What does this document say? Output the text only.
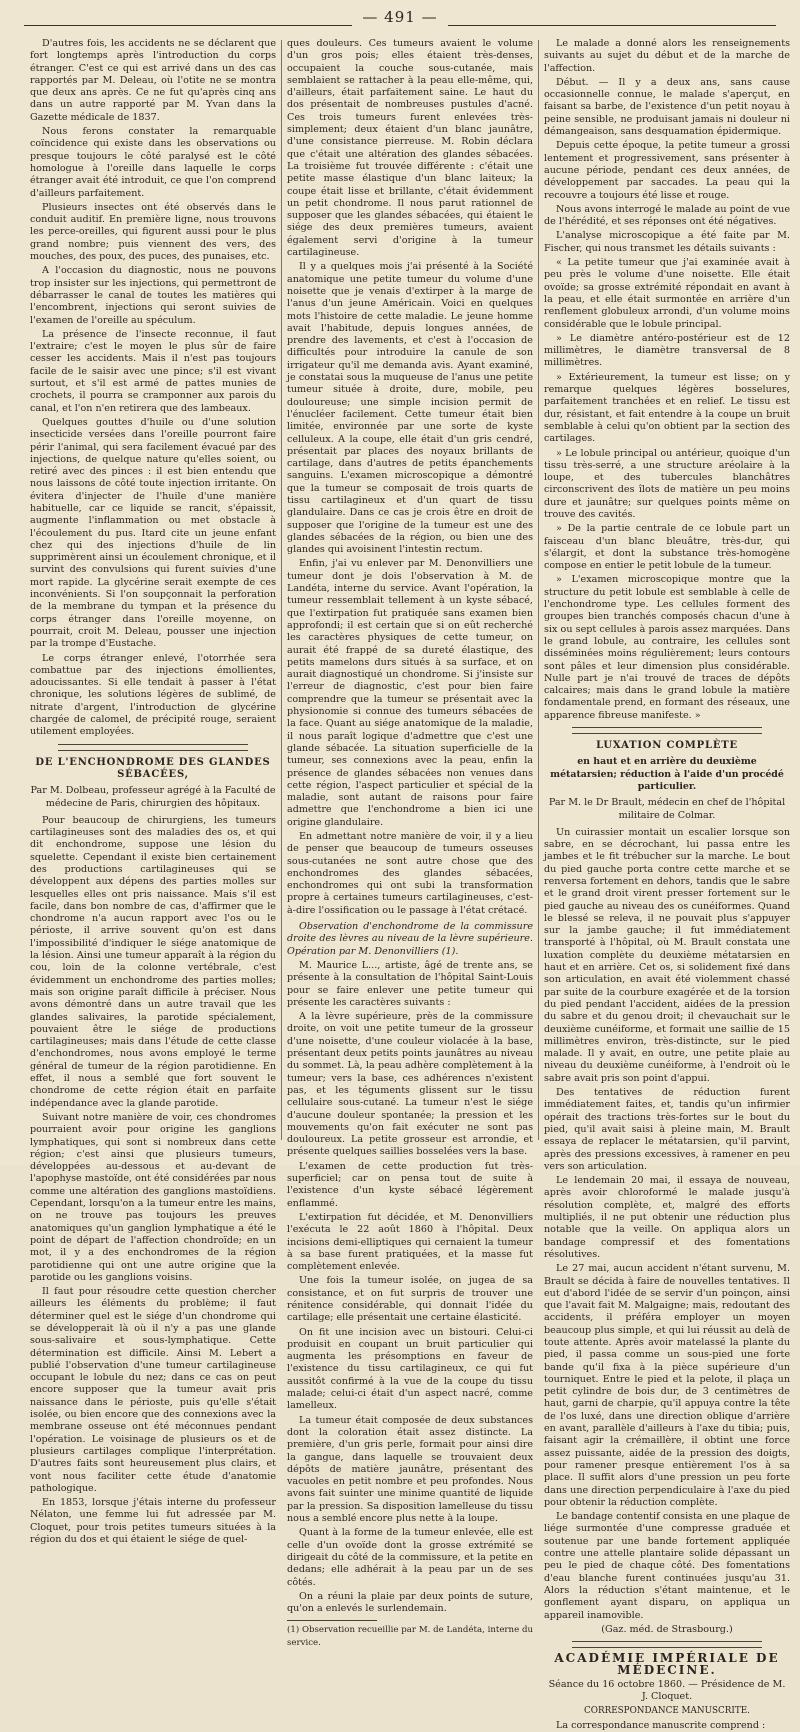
— 491 —

D'autres fois, les accidents ne se déclarent que fort longtemps après l'introduction du corps étranger. C'est ce qui est arrivé dans un des cas rapportés par M. Deleau, où l'otite ne se montra que deux ans après. Ce ne fut qu'après cinq ans dans un autre rapporté par M. Yvan dans la Gazette médicale de 1837.

Nous ferons constater la remarquable coïncidence qui existe dans les observations ou presque toujours le côté paralysé est le côté homologue à l'oreille dans laquelle le corps étranger avait été introduit, ce que l'on comprend d'ailleurs parfaitement.

Plusieurs insectes ont été observés dans le conduit auditif. En première ligne, nous trouvons les perce-oreilles, qui figurent aussi pour le plus grand nombre; puis viennent des vers, des mouches, des poux, des puces, des punaises, etc.

A l'occasion du diagnostic, nous ne pouvons trop insister sur les injections, qui permettront de débarrasser le canal de toutes les matières qui l'encombrent, injections qui seront suivies de l'examen de l'oreille au spéculum.

La présence de l'insecte reconnue, il faut l'extraire; c'est le moyen le plus sûr de faire cesser les accidents. Mais il n'est pas toujours facile de le saisir avec une pince; s'il est vivant surtout, et s'il est armé de pattes munies de crochets, il pourra se cramponner aux parois du canal, et l'on n'en retirera que des lambeaux.

Quelques gouttes d'huile ou d'une solution insecticide versées dans l'oreille pourront faire périr l'animal, qui sera facilement évacué par des injections, de quelque nature qu'elles soient, ou retiré avec des pinces : il est bien entendu que nous laissons de côté toute injection irritante. On évitera d'injecter de l'huile d'une manière habituelle, car ce liquide se rancit, s'épaissit, augmente l'inflammation ou met obstacle à l'écoulement du pus. Itard cite un jeune enfant chez qui des injections d'huile de lin supprimèrent ainsi un écoulement chronique, et il survint des convulsions qui furent suivies d'une mort rapide. La glycérine serait exempte de ces inconvénients. Si l'on soupçonnait la perforation de la membrane du tympan et la présence du corps étranger dans l'oreille moyenne, on pourrait, croit M. Deleau, pousser une injection par la trompe d'Eustache.

Le corps étranger enlevé, l'otorrhée sera combattue par des injections émollientes, adoucissantes. Si elle tendait à passer à l'état chronique, les solutions légères de sublimé, de nitrate d'argent, l'introduction de glycérine chargée de calomel, de précipité rouge, seraient utilement employées.

DE L'ENCHONDROME DES GLANDES SÉBACÉES,

Par M. Dolbeau, professeur agrégé à la Faculté de médecine de Paris, chirurgien des hôpitaux.

Pour beaucoup de chirurgiens, les tumeurs cartilagineuses sont des maladies des os, et qui dit enchondrome, suppose une lésion du squelette. Cependant il existe bien certainement des productions cartilagineuses qui se développent aux dépens des parties molles sur lesquelles elles ont pris naissance. Mais s'il est facile, dans bon nombre de cas, d'affirmer que le chondrome n'a aucun rapport avec l'os ou le périoste, il arrive souvent qu'on est dans l'impossibilité d'indiquer le siége anatomique de la lésion. Ainsi une tumeur apparaît à la région du cou, loin de la colonne vertébrale, c'est évidemment un enchondrome des parties molles; mais son origine paraît difficile à préciser. Nous avons démontré dans un autre travail que les glandes salivaires, la parotide spécialement, pouvaient être le siége de productions cartilagineuses; mais dans l'étude de cette classe d'enchondromes, nous avons employé le terme général de tumeur de la région parotidienne. En effet, il nous a semblé que fort souvent le chondrome de cette région était en parfaite indépendance avec la glande parotide.

Suivant notre manière de voir, ces chondromes pourraient avoir pour origine les ganglions lymphatiques, qui sont si nombreux dans cette région; c'est ainsi que plusieurs tumeurs, développées au-dessous et au-devant de l'apophyse mastoïde, ont été considérées par nous comme une altération des ganglions mastoïdiens. Cependant, lorsqu'on a la tumeur entre les mains, on ne trouve pas toujours les preuves anatomiques qu'un ganglion lymphatique a été le point de départ de l'affection chondroïde; en un mot, il y a des enchondromes de la région parotidienne qui ont une autre origine que la parotide ou les ganglions voisins.

Il faut pour résoudre cette question chercher ailleurs les éléments du problème; il faut déterminer quel est le siége d'un chondrome qui se développerait là où il n'y a pas une glande sous-salivaire et sous-lymphatique. Cette détermination est difficile. Ainsi M. Lebert a publié l'observation d'une tumeur cartilagineuse occupant le lobule du nez; dans ce cas on peut encore supposer que la tumeur avait pris naissance dans le périoste, puis qu'elle s'était isolée, ou bien encore que des connexions avec la membrane osseuse ont été méconnues pendant l'opération. Le voisinage de plusieurs os et de plusieurs cartilages complique l'interprétation. D'autres faits sont heureusement plus clairs, et vont nous faciliter cette étude d'anatomie pathologique.

En 1853, lorsque j'étais interne du professeur Nélaton, une femme lui fut adressée par M. Cloquet, pour trois petites tumeurs situées à la région du dos et qui étaient le siége de quel-

ques douleurs. Ces tumeurs avaient le volume d'un gros pois; elles étaient très-denses, occupaient la couche sous-cutanée, mais semblaient se rattacher à la peau elle-même, qui, d'ailleurs, était parfaitement saine. Le haut du dos présentait de nombreuses pustules d'acné. Ces trois tumeurs furent enlevées très-simplement; deux étaient d'un blanc jaunâtre, d'une consistance pierreuse. M. Robin déclara que c'était une altération des glandes sébacées. La troisième fut trouvée différente : c'était une petite masse élastique d'un blanc laiteux; la coupe était lisse et brillante, c'était évidemment un petit chondrome. Il nous parut rationnel de supposer que les glandes sébacées, qui étaient le siége des deux premières tumeurs, avaient également servi d'origine à la tumeur cartilagineuse.

Il y a quelques mois j'ai présenté à la Société anatomique une petite tumeur du volume d'une noisette que je venais d'extirper à la marge de l'anus d'un jeune Américain. Voici en quelques mots l'histoire de cette maladie. Le jeune homme avait l'habitude, depuis longues années, de prendre des lavements, et c'est à l'occasion de difficultés pour introduire la canule de son irrigateur qu'il me demanda avis. Ayant examiné, je constatai sous la muqueuse de l'anus une petite tumeur située à droite, dure, mobile, peu douloureuse; une simple incision permit de l'énucléer facilement. Cette tumeur était bien limitée, environnée par une sorte de kyste celluleux. A la coupe, elle était d'un gris cendré, présentait par places des noyaux brillants de cartilage, dans d'autres de petits épanchements sanguins. L'examen microscopique a démontré que la tumeur se composait de trois quarts de tissu cartilagineux et d'un quart de tissu glandulaire. Dans ce cas je crois être en droit de supposer que l'origine de la tumeur est une des glandes sébacées de la région, ou bien une des glandes qui avoisinent l'intestin rectum.

Enfin, j'ai vu enlever par M. Denonvilliers une tumeur dont je dois l'observation à M. de Landéta, interne du service. Avant l'opération, la tumeur ressemblait tellement à un kyste sébacé, que l'extirpation fut pratiquée sans examen bien approfondi; il est certain que si on eût recherché les caractères physiques de cette tumeur, on aurait été frappé de sa dureté élastique, des petits mamelons durs situés à sa surface, et on aurait diagnostiqué un chondrome. Si j'insiste sur l'erreur de diagnostic, c'est pour bien faire comprendre que la tumeur se présentait avec la physionomie si connue des tumeurs sébacées de la face. Quant au siége anatomique de la maladie, il nous paraît logique d'admettre que c'est une glande sébacée. La situation superficielle de la tumeur, ses connexions avec la peau, enfin la présence de glandes sébacées non venues dans cette région, l'aspect particulier et spécial de la maladie, sont autant de raisons pour faire admettre que l'enchondrome a bien ici une origine glandulaire.

En admettant notre manière de voir, il y a lieu de penser que beaucoup de tumeurs osseuses sous-cutanées ne sont autre chose que des enchondromes des glandes sébacées, enchondromes qui ont subi la transformation propre à certaines tumeurs cartilagineuses, c'est-à-dire l'ossification ou le passage à l'état crétacé.

Observation d'enchondrome de la commissure droite des lèvres au niveau de la lèvre supérieure. Opération par M. Denonvilliers (1).

M. Maurice L..., artiste, âgé de trente ans, se présente à la consultation de l'hôpital Saint-Louis pour se faire enlever une petite tumeur qui présente les caractères suivants :

A la lèvre supérieure, près de la commissure droite, on voit une petite tumeur de la grosseur d'une noisette, d'une couleur violacée à la base, présentant deux petits points jaunâtres au niveau du sommet. Là, la peau adhère complètement à la tumeur; vers la base, ces adhérences n'existent pas, et les téguments glissent sur le tissu cellulaire sous-cutané. La tumeur n'est le siége d'aucune douleur spontanée; la pression et les mouvements qu'on fait exécuter ne sont pas douloureux. La petite grosseur est arrondie, et présente quelques saillies bosselées vers la base.

L'examen de cette production fut très-superficiel; car on pensa tout de suite à l'existence d'un kyste sébacé légèrement enflammé.

L'extirpation fut décidée, et M. Denonvilliers l'exécuta le 22 août 1860 à l'hôpital. Deux incisions demi-elliptiques qui cernaient la tumeur à sa base furent pratiquées, et la masse fut complètement enlevée.

Une fois la tumeur isolée, on jugea de sa consistance, et on fut surpris de trouver une rénitence considérable, qui donnait l'idée du cartilage; elle présentait une certaine élasticité.

On fit une incision avec un bistouri. Celui-ci produisit en coupant un bruit particulier qui augmenta les présomptions en faveur de l'existence du tissu cartilagineux, ce qui fut aussitôt confirmé à la vue de la coupe du tissu malade; celui-ci était d'un aspect nacré, comme lamelleux.

La tumeur était composée de deux substances dont la coloration était assez distincte. La première, d'un gris perle, formait pour ainsi dire la gangue, dans laquelle se trouvaient deux dépôts de matière jaunâtre, présentant des vacuoles en petit nombre et peu profondes. Nous avons fait suinter une minime quantité de liquide par la pression. Sa disposition lamelleuse du tissu nous a semblé encore plus nette à la loupe.

Quant à la forme de la tumeur enlevée, elle est celle d'un ovoïde dont la grosse extrémité se dirigeait du côté de la commissure, et la petite en dedans; elle adhérait à la peau par un de ses côtés.

On a réuni la plaie par deux points de suture, qu'on a enlevés le surlendemain.

(1) Observation recueillie par M. de Landéta, interne du service.

Le malade a donné alors les renseignements suivants au sujet du début et de la marche de l'affection.

Début. — Il y a deux ans, sans cause occasionnelle connue, le malade s'aperçut, en faisant sa barbe, de l'existence d'un petit noyau à peine sensible, ne produisant jamais ni douleur ni démangeaison, sans desquamation épidermique.

Depuis cette époque, la petite tumeur a grossi lentement et progressivement, sans présenter à aucune période, pendant ces deux années, de développement par saccades. La peau qui la recouvre a toujours été lisse et rouge.

Nous avons interrogé le malade au point de vue de l'hérédité, et ses réponses ont été négatives.

L'analyse microscopique a été faite par M. Fischer, qui nous transmet les détails suivants :

« La petite tumeur que j'ai examinée avait à peu près le volume d'une noisette. Elle était ovoïde; sa grosse extrémité répondait en avant à la peau, et elle était surmontée en arrière d'un renflement globuleux arrondi, d'un volume moins considérable que le lobule principal.

» Le diamètre antéro-postérieur est de 12 millimètres, le diamètre transversal de 8 millimètres.

» Extérieurement, la tumeur est lisse; on y remarque quelques légères bosselures, parfaitement tranchées et en relief. Le tissu est dur, résistant, et fait entendre à la coupe un bruit semblable à celui qu'on obtient par la section des cartilages.

» Le lobule principal ou antérieur, quoique d'un tissu très-serré, a une structure aréolaire à la loupe, et des tubercules blanchâtres circonscrivent des îlots de matière un peu moins dure et jaunâtre; sur quelques points même on trouve des cavités.

» De la partie centrale de ce lobule part un faisceau d'un blanc bleuâtre, très-dur, qui s'élargit, et dont la substance très-homogène compose en entier le petit lobule de la tumeur.

» L'examen microscopique montre que la structure du petit lobule est semblable à celle de l'enchondrome type. Les cellules forment des groupes bien tranchés composés chacun d'une à six ou sept cellules à parois assez marquées. Dans le grand lobule, au contraire, les cellules sont disséminées moins régulièrement; leurs contours sont pâles et leur dimension plus considérable. Nulle part je n'ai trouvé de traces de dépôts calcaires; mais dans le grand lobule la matière fondamentale prend, en formant des réseaux, une apparence fibreuse manifeste. »

LUXATION COMPLÈTE

en haut et en arrière du deuxième métatarsien; réduction à l'aide d'un procédé particulier.

Par M. le Dr Brault, médecin en chef de l'hôpital militaire de Colmar.

Un cuirassier montait un escalier lorsque son sabre, en se décrochant, lui passa entre les jambes et le fit trébucher sur la marche. Le bout du pied gauche porta contre cette marche et se renversa fortement en dehors, tandis que le sabre et le grand droit virent presser fortement sur le pied gauche au niveau des os cunéiformes. Quand le blessé se releva, il ne pouvait plus s'appuyer sur la jambe gauche; il fut immédiatement transporté à l'hôpital, où M. Brault constata une luxation complète du deuxième métatarsien en haut et en arrière. Cet os, si solidement fixé dans son articulation, en avait été violemment chassé par suite de la courbure exagérée et de la torsion du pied pendant l'accident, aidées de la pression du sabre et du genou droit; il chevauchait sur le deuxième cunéiforme, et formait une saillie de 15 millimètres environ, très-distincte, sur le pied malade. Il y avait, en outre, une petite plaie au niveau du deuxième cunéiforme, à l'endroit où le sabre avait pris son point d'appui.

Des tentatives de réduction furent immédiatement faites, et, tandis qu'un infirmier opérait des tractions très-fortes sur le bout du pied, qu'il avait saisi à pleine main, M. Brault essaya de replacer le métatarsien, qu'il parvint, après des pressions excessives, à ramener en peu vers son articulation.

Le lendemain 20 mai, il essaya de nouveau, après avoir chloroformé le malade jusqu'à résolution complète, et, malgré des efforts multipliés, il ne put obtenir une réduction plus notable que la veille. On appliqua alors un bandage compressif et des fomentations résolutives.

Le 27 mai, aucun accident n'étant survenu, M. Brault se décida à faire de nouvelles tentatives. Il eut d'abord l'idée de se servir d'un poinçon, ainsi que l'avait fait M. Malgaigne; mais, redoutant des accidents, il préféra employer un moyen beaucoup plus simple, et qui lui réussit au delà de toute attente. Après avoir matelassé la plante du pied, il passa comme un sous-pied une forte bande qu'il fixa à la pièce supérieure d'un tourniquet. Entre le pied et la pelote, il plaça un petit cylindre de bois dur, de 3 centimètres de haut, garni de charpie, qu'il appuya contre la tête de l'os luxé, dans une direction oblique d'arrière en avant, parallèle d'ailleurs à l'axe du tibia; puis, faisant agir la crémaillère, il obtint une force assez puissante, aidée de la pression des doigts, pour ramener presque entièrement l'os à sa place. Il suffit alors d'une pression un peu forte dans une direction perpendiculaire à l'axe du pied pour obtenir la réduction complète.

Le bandage contentif consista en une plaque de liége surmontée d'une compresse graduée et soutenue par une bande fortement appliquée contre une attelle plantaire solide dépassant un peu le pied de chaque côté. Des fomentations d'eau blanche furent continuées jusqu'au 31. Alors la réduction s'étant maintenue, et le gonflement ayant disparu, on appliqua un appareil inamovible.

(Gaz. méd. de Strasbourg.)

ACADÉMIE IMPÉRIALE DE MÉDECINE.

Séance du 16 octobre 1860. — Présidence de M. J. Cloquet.

CORRESPONDANCE MANUSCRITE.

La correspondance manuscrite comprend :
